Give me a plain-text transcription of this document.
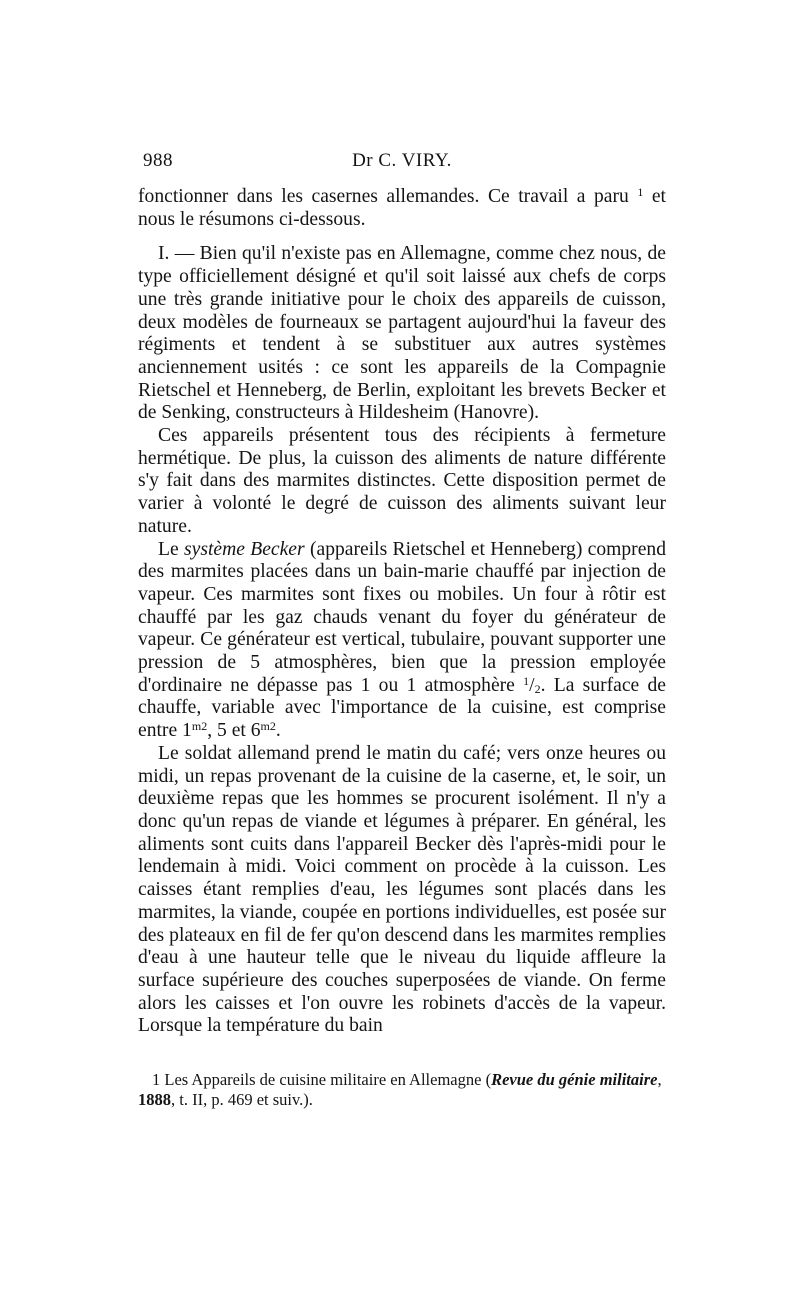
988	Dr C. VIRY.

fonctionner dans les casernes allemandes. Ce travail a paru $^1$ et nous le résumons ci-dessous.

I. — Bien qu'il n'existe pas en Allemagne, comme chez nous, de type officiellement désigné et qu'il soit laissé aux chefs de corps une très grande initiative pour le choix des appareils de cuisson, deux modèles de fourneaux se partagent aujourd'hui la faveur des régiments et tendent à se substituer aux autres systèmes anciennement usités : ce sont les appareils de la Compagnie Rietschel et Henneberg, de Berlin, exploitant les brevets Becker et de Senking, constructeurs à Hildesheim (Hanovre).

Ces appareils présentent tous des récipients à fermeture hermétique. De plus, la cuisson des aliments de nature différente s'y fait dans des marmites distinctes. Cette disposition permet de varier à volonté le degré de cuisson des aliments suivant leur nature.

Le système Becker (appareils Rietschel et Henneberg) comprend des marmites placées dans un bain-marie chauffé par injection de vapeur. Ces marmites sont fixes ou mobiles. Un four à rôtir est chauffé par les gaz chauds venant du foyer du générateur de vapeur. Ce générateur est vertical, tubulaire, pouvant supporter une pression de 5 atmosphères, bien que la pression employée d'ordinaire ne dépasse pas 1 ou 1 atmosphère $^1/_2$. La surface de chauffe, variable avec l'importance de la cuisine, est comprise entre $1^{m2}$, 5 et $6^{m2}$.

Le soldat allemand prend le matin du café; vers onze heures ou midi, un repas provenant de la cuisine de la caserne, et, le soir, un deuxième repas que les hommes se procurent isolément. Il n'y a donc qu'un repas de viande et légumes à préparer. En général, les aliments sont cuits dans l'appareil Becker dès l'après-midi pour le lendemain à midi. Voici comment on procède à la cuisson. Les caisses étant remplies d'eau, les légumes sont placés dans les marmites, la viande, coupée en portions individuelles, est posée sur des plateaux en fil de fer qu'on descend dans les marmites remplies d'eau à une hauteur telle que le niveau du liquide affleure la surface supérieure des couches superposées de viande. On ferme alors les caisses et l'on ouvre les robinets d'accès de la vapeur. Lorsque la température du bain

1 Les Appareils de cuisine militaire en Allemagne (Revue du génie militaire, 1888, t. II, p. 469 et suiv.).
